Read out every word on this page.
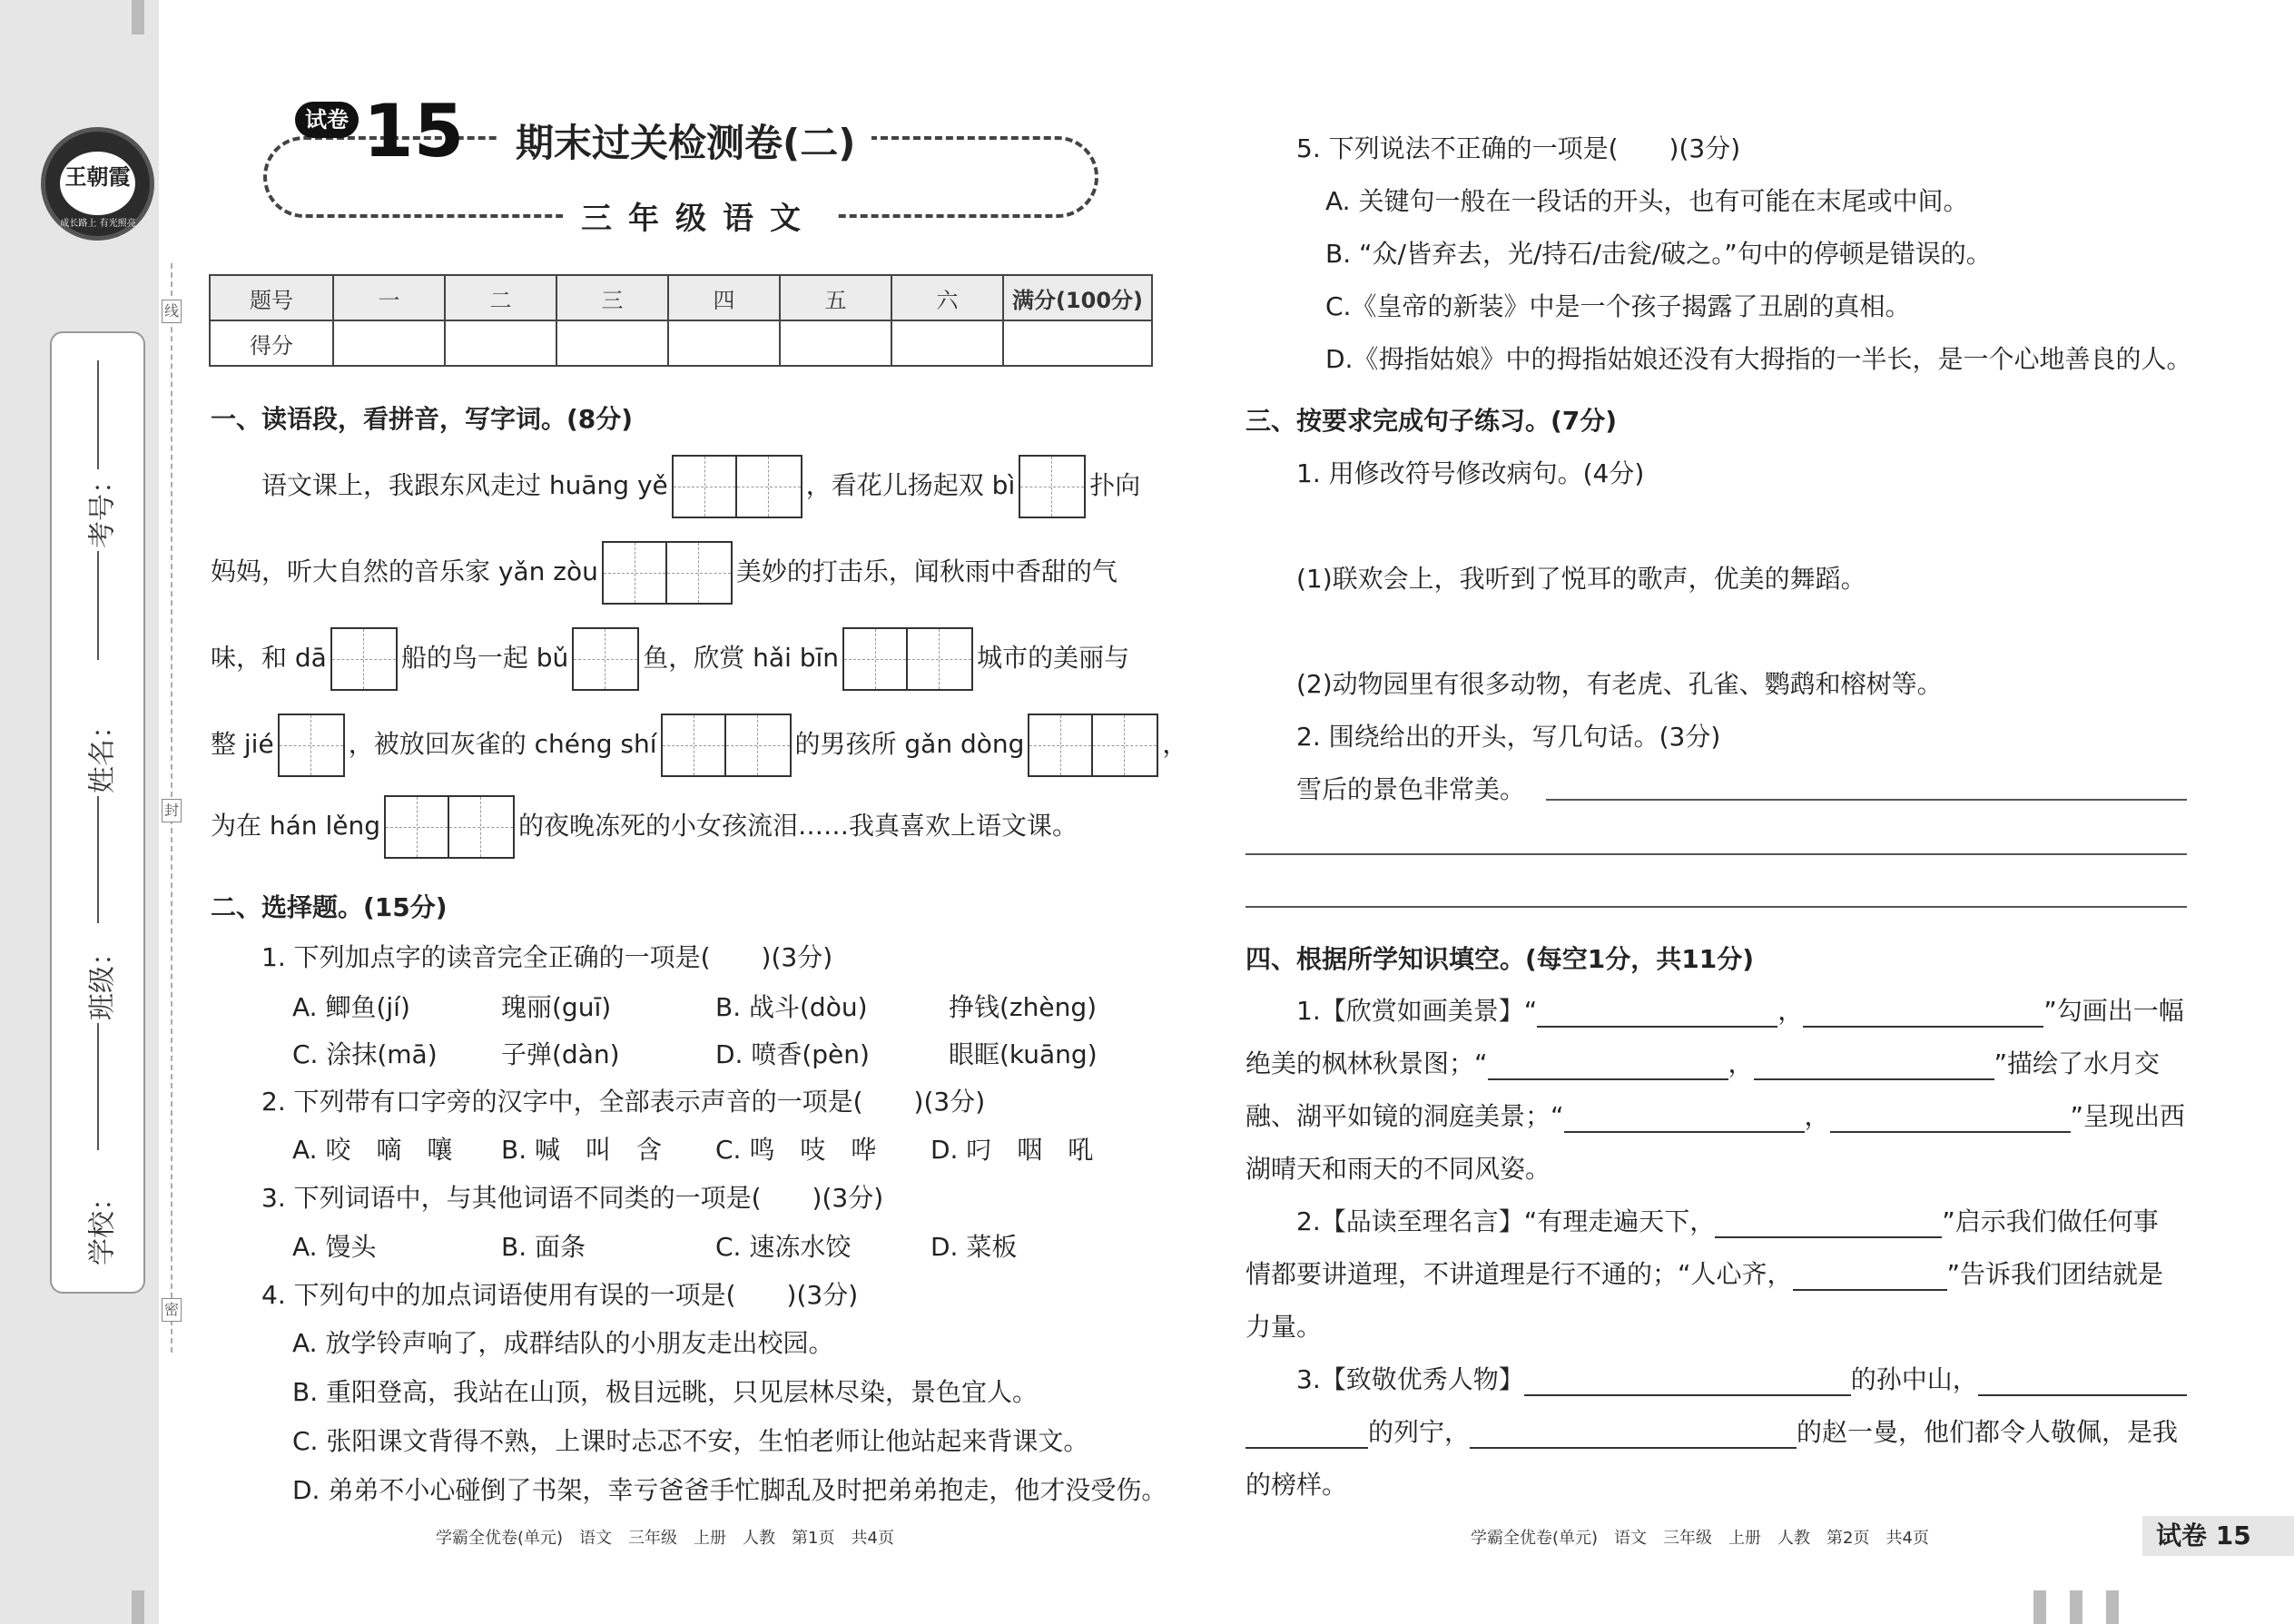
线
封
密
考号：
姓名：
班级：
学校：
王朝霞
成长路上 有光照亮
试卷 15	期末过关检测卷(二)
三年级语文
题号	一	二	三	四	五	六	满分(100分)
得分							
一、读语段，看拼音，写字词。(8分)
语文课上，我跟东风走过 huāng yě	，看花儿扬起双 bì	扑向
妈妈，听大自然的音乐家 yǎn zòu	美妙的打击乐，闻秋雨中香甜的气
味，和 dā	船的鸟一起 bǔ	鱼，欣赏 hǎi bīn	城市的美丽与
整 jié	，被放回灰雀的 chéng shí	的男孩所 gǎn dòng	，
为在 hán lěng	的夜晚冻死的小女孩流泪……我真喜欢上语文课。
二、选择题。(15分)
1. 下列加点字的读音完全正确的一项是(　　)(3分)
A. 鲫鱼(jí)	瑰丽(guī)	B. 战斗(dòu)	挣钱(zhèng)
C. 涂抹(mā)	子弹(dàn)	D. 喷香(pèn)	眼眶(kuāng)
2. 下列带有口字旁的汉字中，全部表示声音的一项是(　　)(3分)
A. 咬　嘀　嚷 B. 喊　叫　含 C. 鸣　吱　哗 D. 叼　咽　吼
3. 下列词语中，与其他词语不同类的一项是(　　)(3分)
A. 馒头	B. 面条	C. 速冻水饺	D. 菜板
4. 下列句中的加点词语使用有误的一项是(　　)(3分)
A. 放学铃声响了，成群结队的小朋友走出校园。
B. 重阳登高，我站在山顶，极目远眺，只见层林尽染，景色宜人。
C. 张阳课文背得不熟，上课时忐忑不安，生怕老师让他站起来背课文。
D. 弟弟不小心碰倒了书架，幸亏爸爸手忙脚乱及时把弟弟抱走，他才没受伤。
学霸全优卷(单元)　语文　三年级　上册　人教　第1页　共4页
5. 下列说法不正确的一项是(　　)(3分)
A. 关键句一般在一段话的开头，也有可能在末尾或中间。
B. “众/皆弃去，光/持石/击瓮/破之。”句中的停顿是错误的。
C.《皇帝的新装》中是一个孩子揭露了丑剧的真相。
D.《拇指姑娘》中的拇指姑娘还没有大拇指的一半长，是一个心地善良的人。
三、按要求完成句子练习。(7分)
1. 用修改符号修改病句。(4分)
(1)联欢会上，我听到了悦耳的歌声，优美的舞蹈。
(2)动物园里有很多动物，有老虎、孔雀、鹦鹉和榕树等。
2. 围绕给出的开头，写几句话。(3分)
雪后的景色非常美。
四、根据所学知识填空。(每空1分，共11分)
1.【欣赏如画美景】“	，	”勾画出一幅
绝美的枫林秋景图；“	，	”描绘了水月交
融、湖平如镜的洞庭美景；“	，	”呈现出西
湖晴天和雨天的不同风姿。
2.【品读至理名言】“有理走遍天下，	”启示我们做任何事
情都要讲道理，不讲道理是行不通的；“人心齐，	”告诉我们团结就是
力量。
3.【致敬优秀人物】	的孙中山，
的列宁，	的赵一曼，他们都令人敬佩，是我
的榜样。
学霸全优卷(单元)　语文　三年级　上册　人教　第2页　共4页	试卷 15
